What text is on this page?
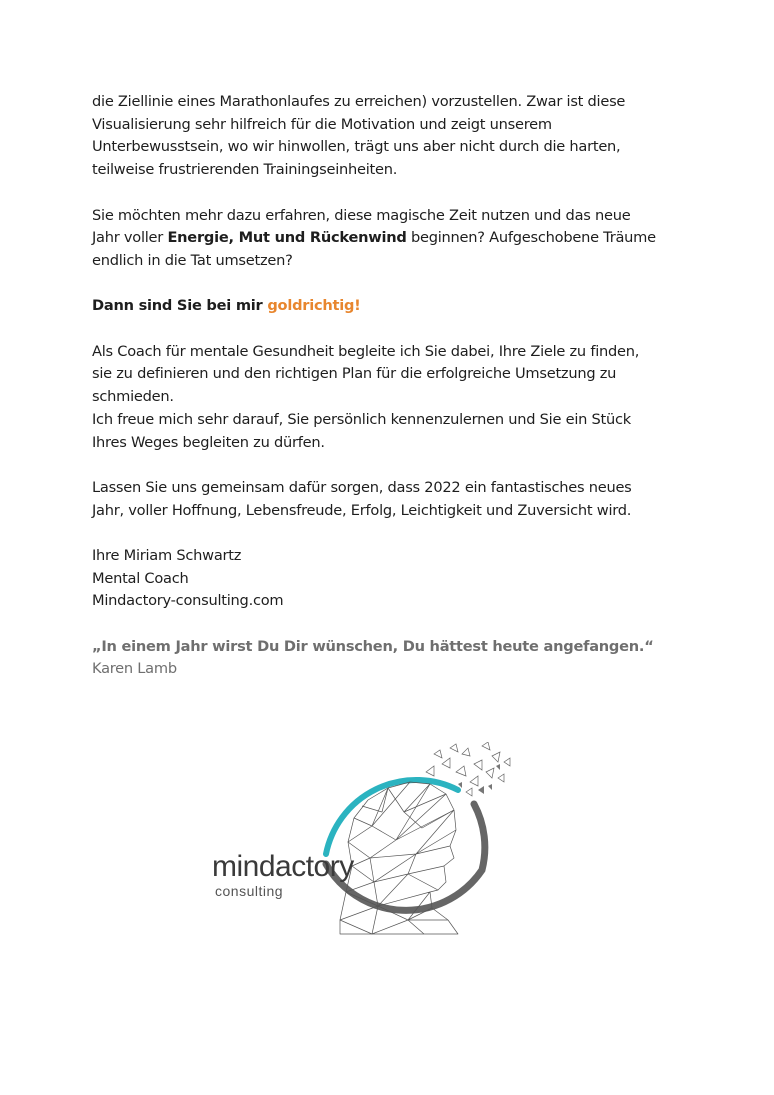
die Ziellinie eines Marathonlaufes zu erreichen) vorzustellen. Zwar ist diese
Visualisierung sehr hilfreich für die Motivation und zeigt unserem
Unterbewusstsein, wo wir hinwollen, trägt uns aber nicht durch die harten,
teilweise frustrierenden Trainingseinheiten.

Sie möchten mehr dazu erfahren, diese magische Zeit nutzen und das neue
Jahr voller Energie, Mut und Rückenwind beginnen? Aufgeschobene Träume
endlich in die Tat umsetzen?

Dann sind Sie bei mir goldrichtig!

Als Coach für mentale Gesundheit begleite ich Sie dabei, Ihre Ziele zu finden,
sie zu definieren und den richtigen Plan für die erfolgreiche Umsetzung zu
schmieden.
Ich freue mich sehr darauf, Sie persönlich kennenzulernen und Sie ein Stück
Ihres Weges begleiten zu dürfen.

Lassen Sie uns gemeinsam dafür sorgen, dass 2022 ein fantastisches neues
Jahr, voller Hoffnung, Lebensfreude, Erfolg, Leichtigkeit und Zuversicht wird.

Ihre Miriam Schwartz
Mental Coach
Mindactory-consulting.com

„In einem Jahr wirst Du Dir wünschen, Du hättest heute angefangen.“
Karen Lamb

mindactory
consulting
